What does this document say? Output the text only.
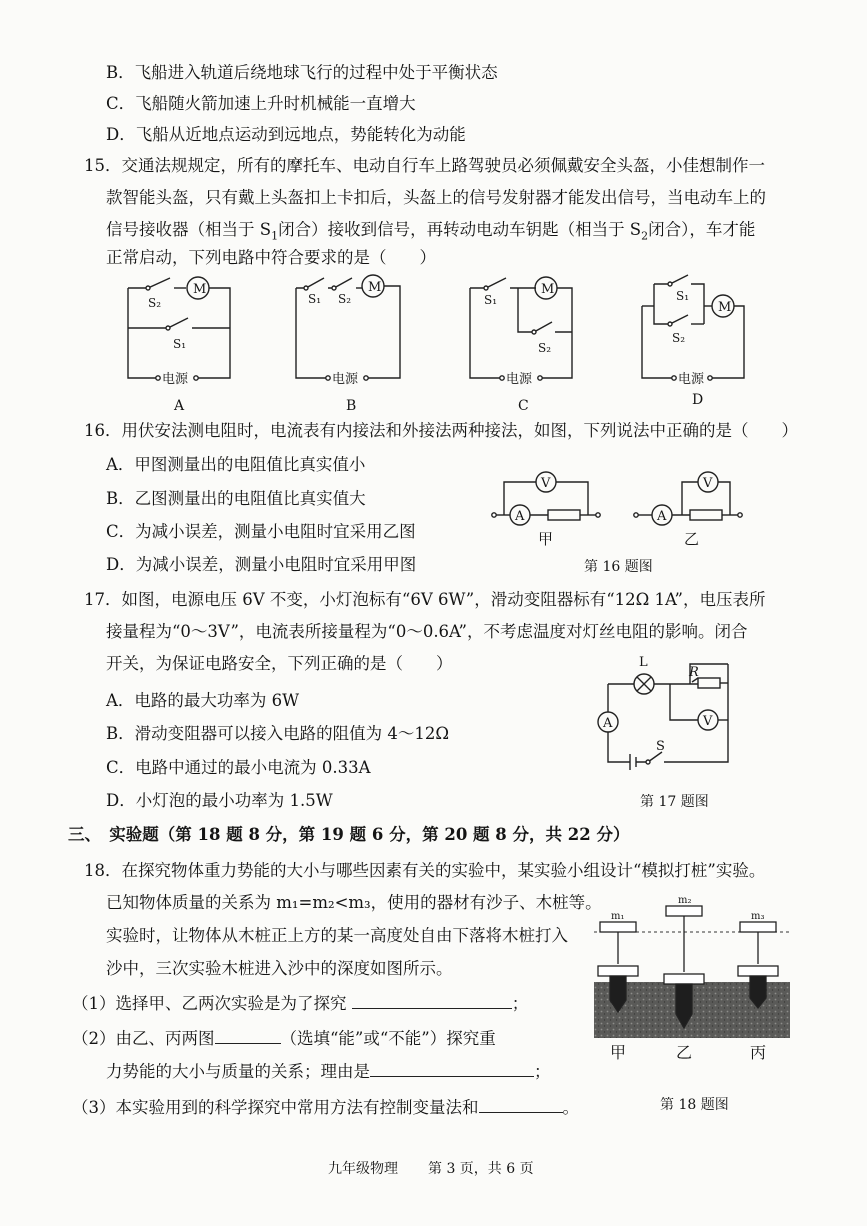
B．飞船进入轨道后绕地球飞行的过程中处于平衡状态
C．飞船随火箭加速上升时机械能一直增大
D．飞船从近地点运动到远地点，势能转化为动能
15．交通法规规定，所有的摩托车、电动自行车上路驾驶员必须佩戴安全头盔，小佳想制作一
款智能头盔，只有戴上头盔扣上卡扣后，头盔上的信号发射器才能发出信号，当电动车上的
信号接收器（相当于 $S_1$闭合）接收到信号，再转动电动车钥匙（相当于 $S_2$闭合），车才能
正常启动，下列电路中符合要求的是（　　）
M
S₂
S₁
电源
A
M
S₁ S₂
电源
B
M
S₁
S₂
电源
C
M
S₁
S₂
电源
D
16．用伏安法测电阻时，电流表有内接法和外接法两种接法，如图，下列说法中正确的是（　　）
A．甲图测量出的电阻值比真实值小
B．乙图测量出的电阻值比真实值大
C．为减小误差，测量小电阻时宜采用乙图
D．为减小误差，测量小电阻时宜采用甲图
A
V
甲
A
V
乙
第 16 题图
17．如图，电源电压 6V 不变，小灯泡标有“6V 6W”，滑动变阻器标有“12Ω 1A”，电压表所
接量程为“0～3V”，电流表所接量程为“0～0.6A”，不考虑温度对灯丝电阻的影响。闭合
开关，为保证电路安全，下列正确的是（　　）
A．电路的最大功率为 6W
B．滑动变阻器可以接入电路的阻值为 4～12Ω
C．电路中通过的最小电流为 0.33A
D．小灯泡的最小功率为 1.5W
L
R
A	V
S
第 17 题图
三、　实验题（第 18 题 8 分，第 19 题 6 分，第 20 题 8 分，共 22 分）
18．在探究物体重力势能的大小与哪些因素有关的实验中，某实验小组设计“模拟打桩”实验。
已知物体质量的关系为 m₁=m₂<m₃，使用的器材有沙子、木桩等。
实验时，让物体从木桩正上方的某一高度处自由下落将木桩打入
沙中，三次实验木桩进入沙中的深度如图所示。
（1）选择甲、乙两次实验是为了探究	；
（2）由乙、丙两图	（选填“能”或“不能”）探究重
力势能的大小与质量的关系；理由是	；
（3）本实验用到的科学探究中常用方法有控制变量法和	。
m₁
m₂
m₃
甲	乙	丙
第 18 题图
九年级物理 第 3 页，共 6 页
